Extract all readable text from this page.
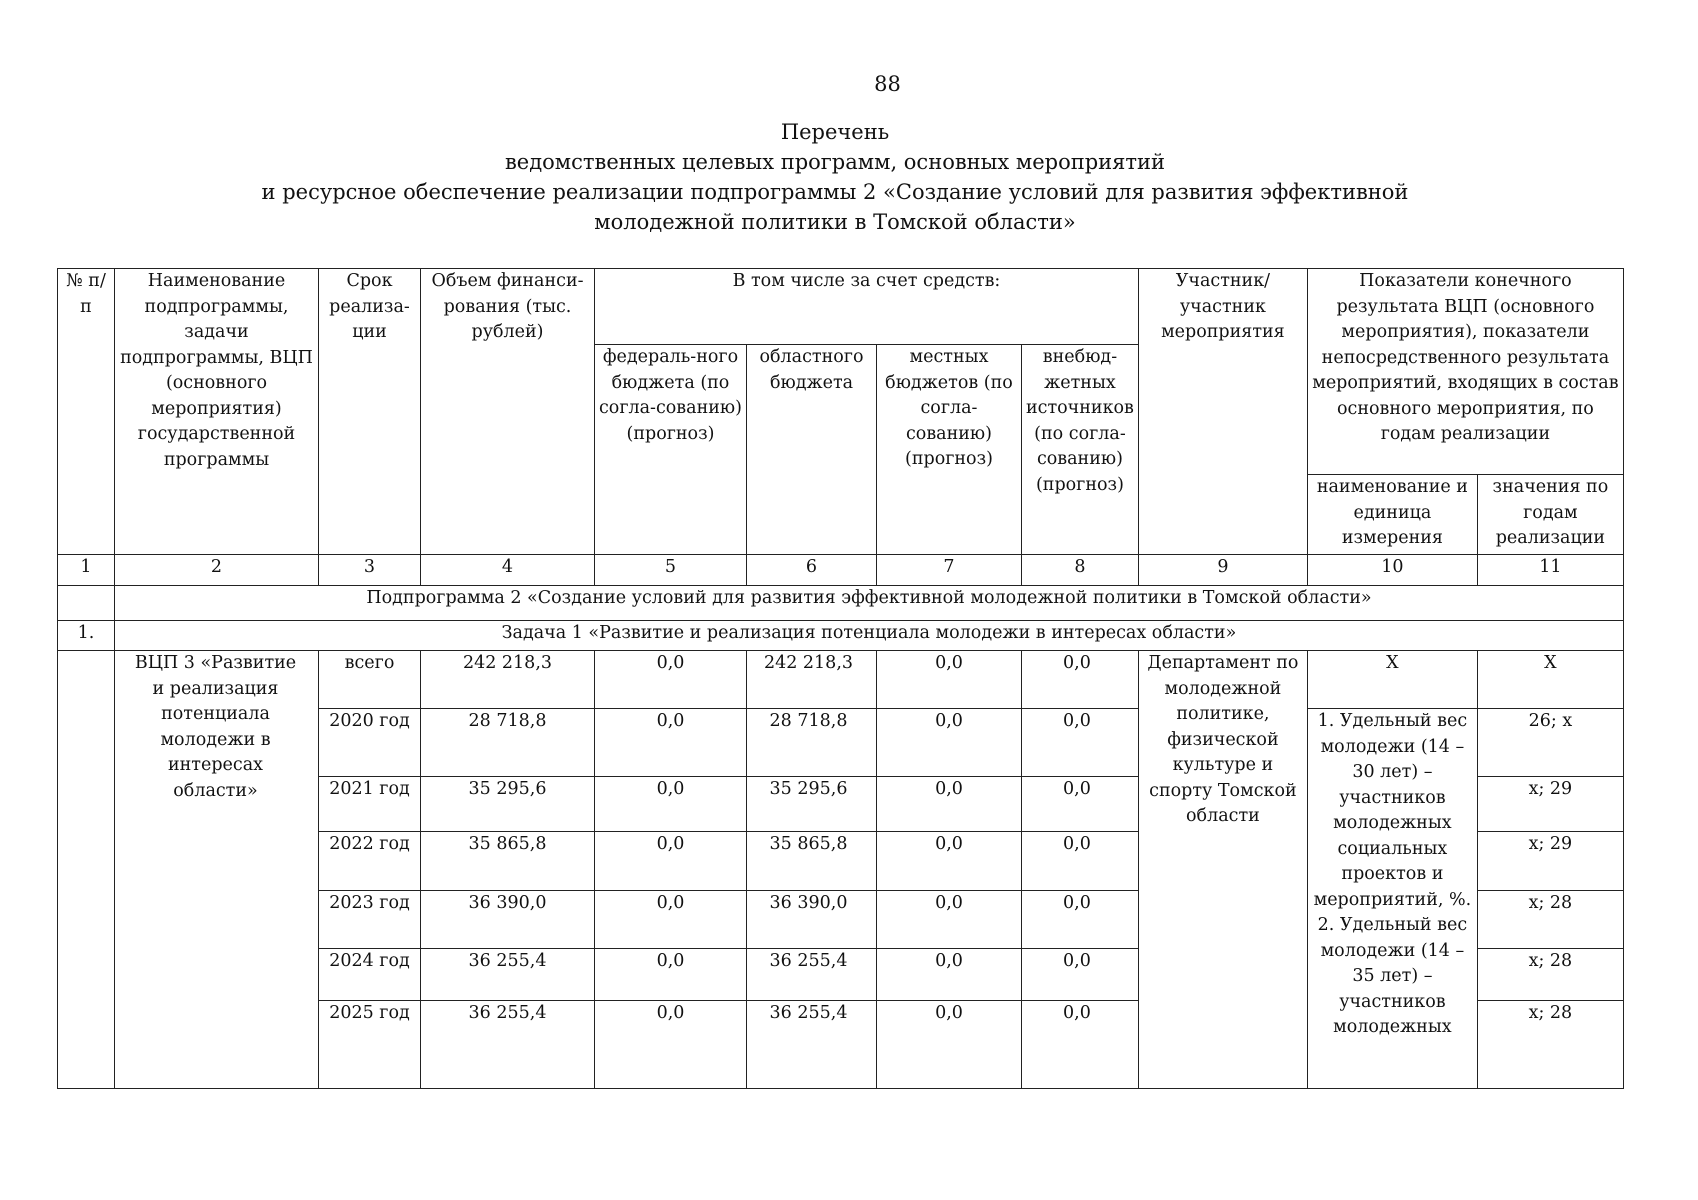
88
Перечень
ведомственных целевых программ, основных мероприятий
и ресурсное обеспечение реализации подпрограммы 2 «Создание условий для развития эффективной
молодежной политики в Томской области»
№ п/п	Наименование подпрограммы, задачи подпрограммы, ВЦП (основного мероприятия) государственной программы	Срок реализа-ции	Объем финанси-рования (тыс. рублей)	В том числе за счет средств:				Участник/ участник мероприятия	Показатели конечного результата ВЦП (основного мероприятия), показатели непосредственного результата мероприятий, входящих в состав основного мероприятия, по годам реализации	
				федераль-ного бюджета (по согла-сованию) (прогноз)	областного бюджета	местных бюджетов (по согла-сованию) (прогноз)	внебюд-жетных источников (по согла-сованию) (прогноз)			
									наименование и единица измерения	значения по годам реализации
1	2	3	4	5	6	7	8	9	10	11
	Подпрограмма 2 «Создание условий для развития эффективной молодежной политики в Томской области»									
1.	Задача 1 «Развитие и реализация потенциала молодежи в интересах области»									
	ВЦП 3 «Развитие и реализация потенциала молодежи в интересах области»	всего	242 218,3	0,0	242 218,3	0,0	0,0	Департамент по молодежной политике, физической культуре и спорту Томской области	Х	Х
		2020 год	28 718,8	0,0	28 718,8	0,0	0,0		1. Удельный вес молодежи (14 – 30 лет) – участников молодежных социальных проектов и мероприятий, %. 2. Удельный вес молодежи (14 – 35 лет) – участников молодежных	26; х
		2021 год	35 295,6	0,0	35 295,6	0,0	0,0			х; 29
		2022 год	35 865,8	0,0	35 865,8	0,0	0,0			х; 29
		2023 год	36 390,0	0,0	36 390,0	0,0	0,0			х; 28
		2024 год	36 255,4	0,0	36 255,4	0,0	0,0			х; 28
		2025 год	36 255,4	0,0	36 255,4	0,0	0,0			х; 28
